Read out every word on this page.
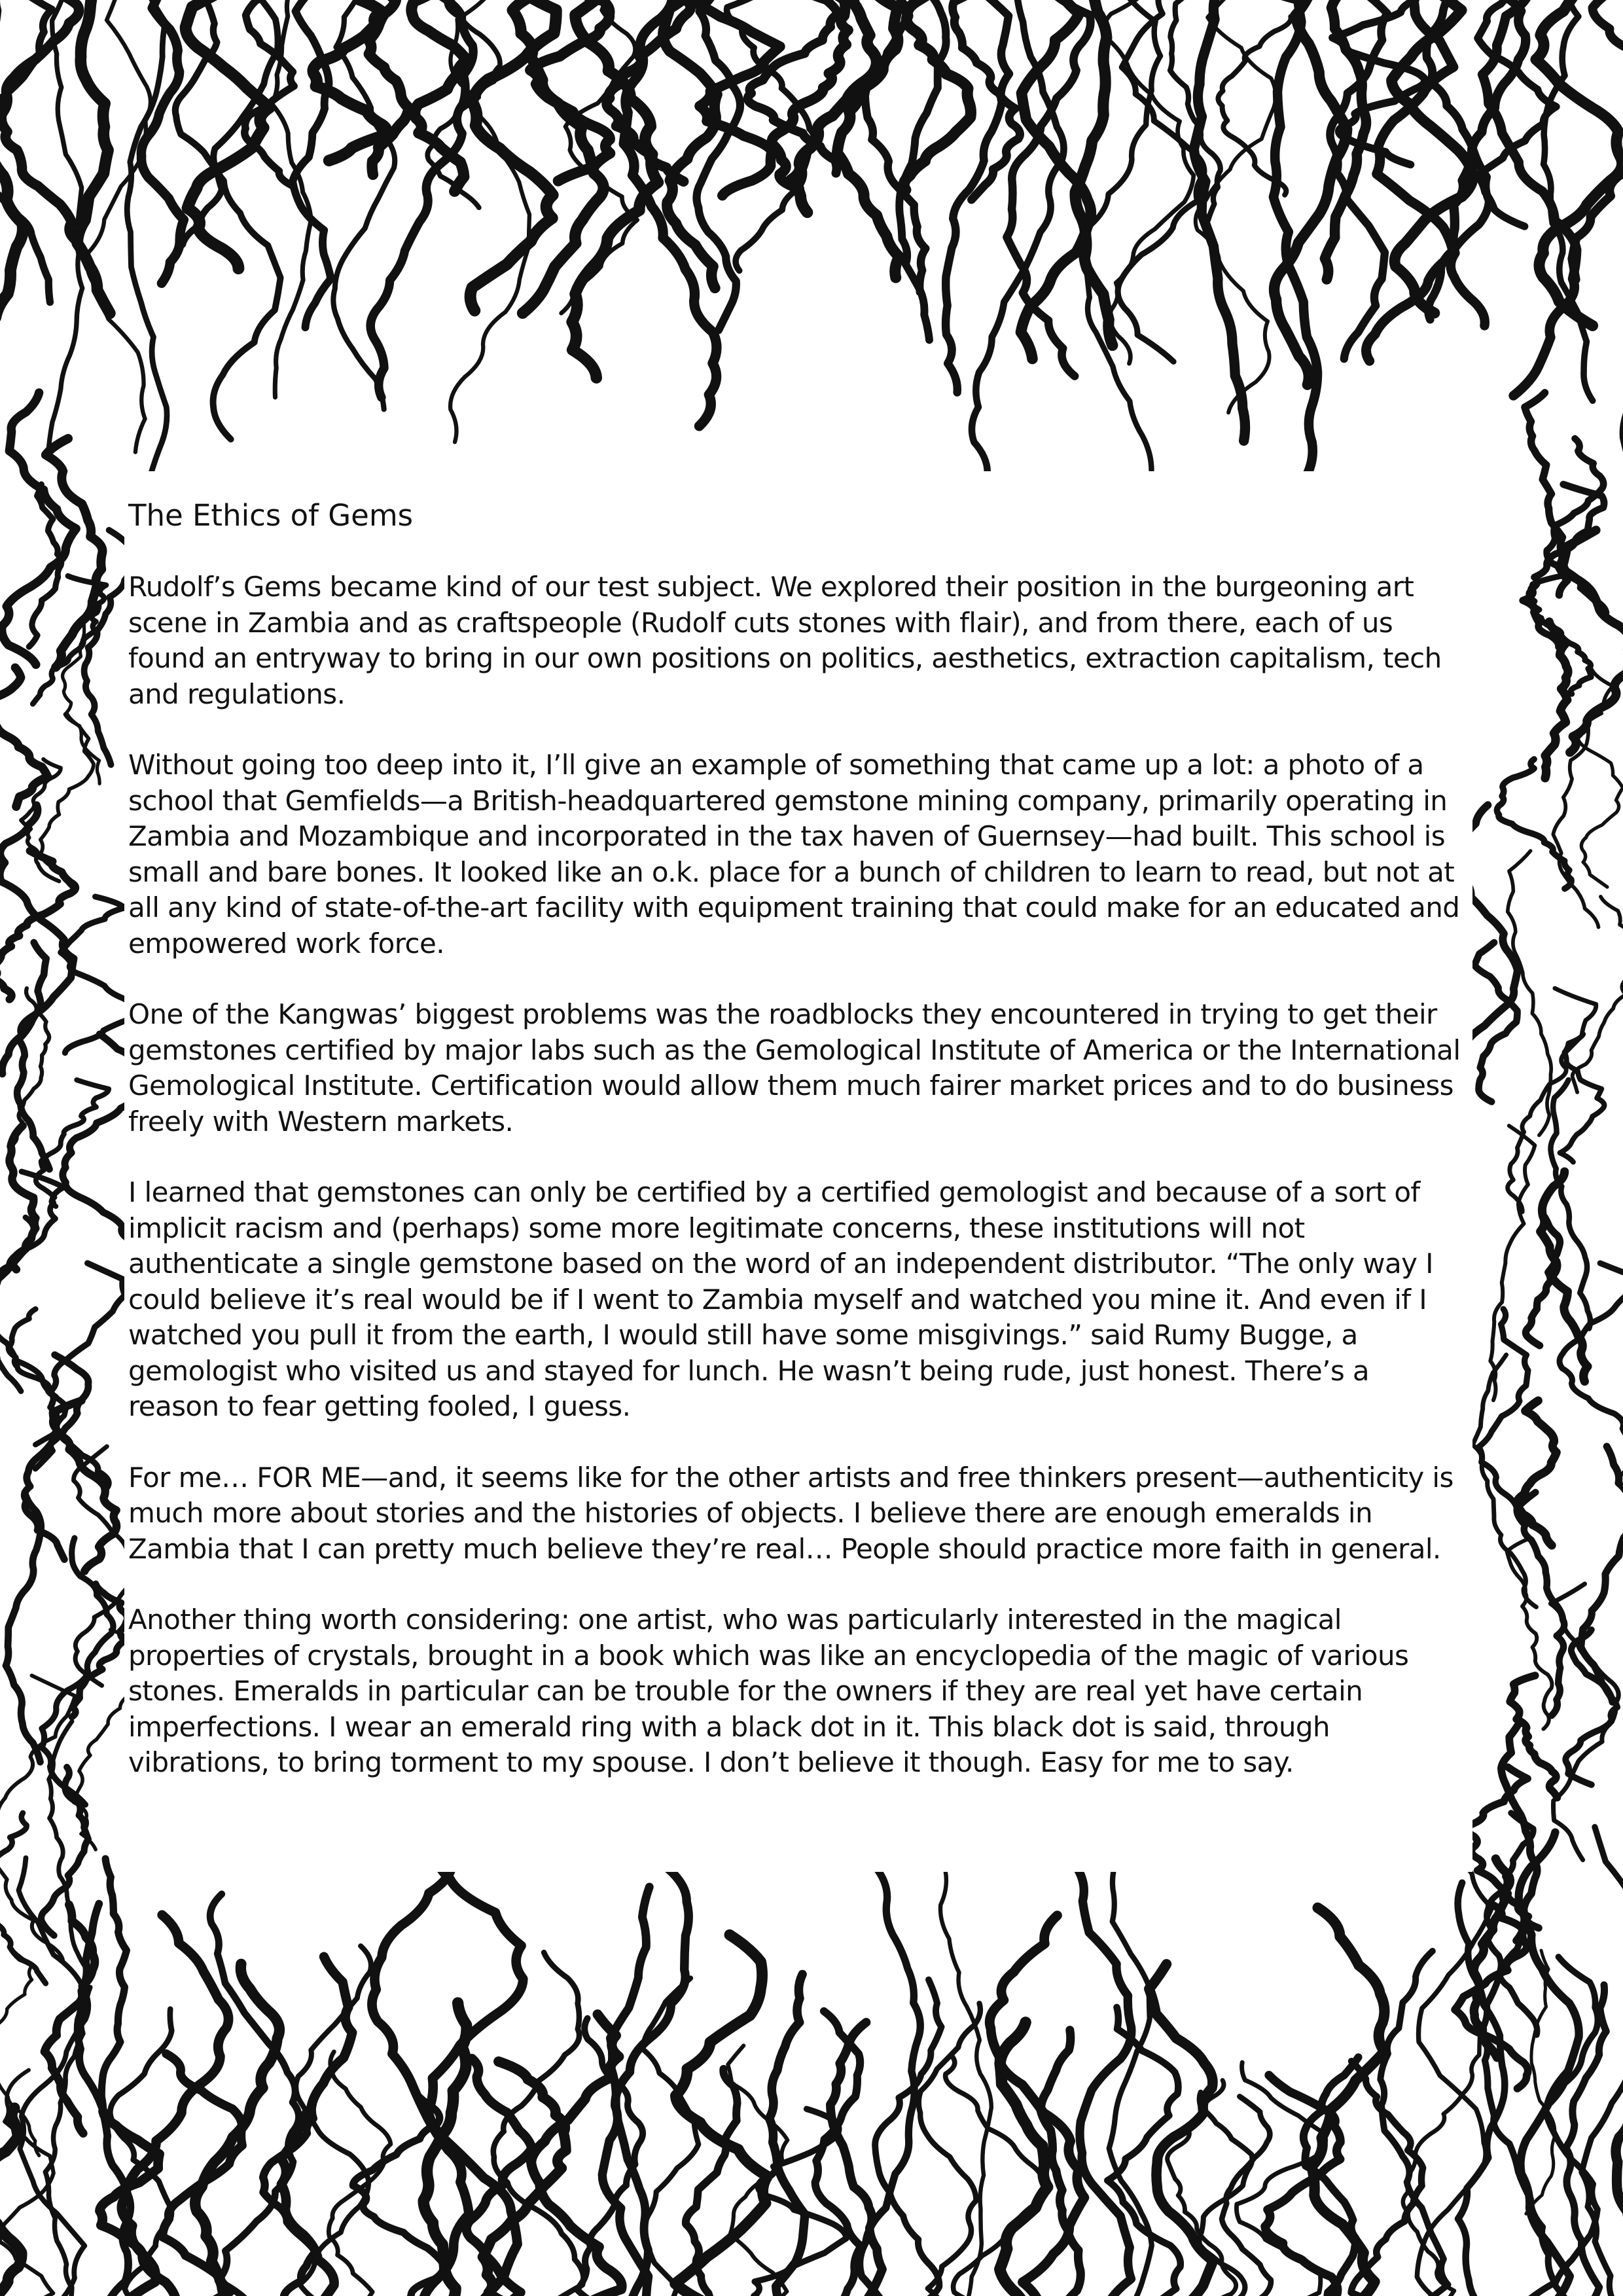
The Ethics of Gems

Rudolf’s Gems became kind of our test subject. We explored their position in the burgeoning art scene in Zambia and as craftspeople (Rudolf cuts stones with flair), and from there, each of us found an entryway to bring in our own positions on politics, aesthetics, extraction capitalism, tech and regulations.

Without going too deep into it, I’ll give an example of something that came up a lot: a photo of a school that Gemfields—a British-headquartered gemstone mining company, primarily operating in Zambia and Mozambique and incorporated in the tax haven of Guernsey—had built. This school is small and bare bones. It looked like an o.k. place for a bunch of children to learn to read, but not at all any kind of state-of-the-art facility with equipment training that could make for an educated and empowered work force.

One of the Kangwas’ biggest problems was the roadblocks they encountered in trying to get their gemstones certified by major labs such as the Gemological Institute of America or the International Gemological Institute. Certification would allow them much fairer market prices and to do business freely with Western markets.

I learned that gemstones can only be certified by a certified gemologist and because of a sort of implicit racism and (perhaps) some more legitimate concerns, these institutions will not authenticate a single gemstone based on the word of an independent distributor. “The only way I could believe it’s real would be if I went to Zambia myself and watched you mine it. And even if I watched you pull it from the earth, I would still have some misgivings.” said Rumy Bugge, a gemologist who visited us and stayed for lunch. He wasn’t being rude, just honest. There’s a reason to fear getting fooled, I guess.

For me… FOR ME—and, it seems like for the other artists and free thinkers present—authenticity is much more about stories and the histories of objects. I believe there are enough emeralds in Zambia that I can pretty much believe they’re real… People should practice more faith in general.

Another thing worth considering: one artist, who was particularly interested in the magical properties of crystals, brought in a book which was like an encyclopedia of the magic of various stones. Emeralds in particular can be trouble for the owners if they are real yet have certain imperfections. I wear an emerald ring with a black dot in it. This black dot is said, through vibrations, to bring torment to my spouse. I don’t believe it though. Easy for me to say.
